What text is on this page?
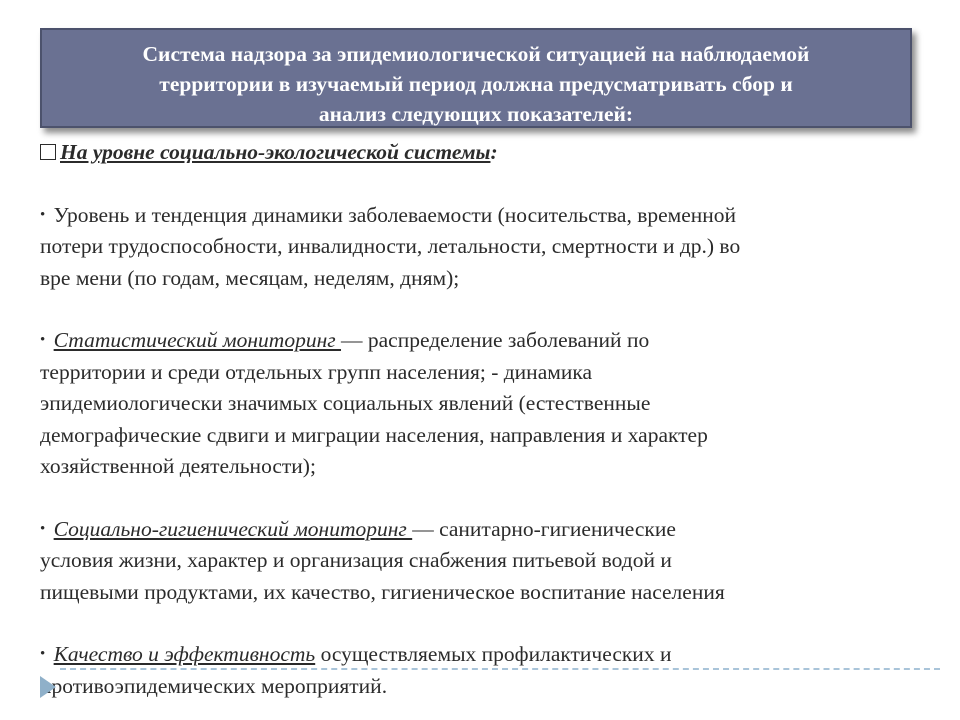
Система надзора за эпидемиологической ситуацией на наблюдаемой
территории в изучаемый период должна предусматривать сбор и
анализ следующих показателей:

На уровне социально-экологической системы:

• Уровень и тенденция динамики заболеваемости (носительства, временной
потери трудоспособности, инвалидности, летальности, смертности и др.) во
вре мени (по годам, месяцам, неделям, дням);

• Статистический мониторинг — распределение заболеваний по
территории и среди отдельных групп населения; - динамика
эпидемиологически значимых социальных явлений (естественные
демографические сдвиги и миграции населения, направления и характер
хозяйственной деятельности);

• Социально-гигиенический мониторинг — санитарно-гигиенические
условия жизни, характер и организация снабжения питьевой водой и
пищевыми продуктами, их качество, гигиеническое воспитание населения

• Качество и эффективность осуществляемых профилактических и
противоэпидемических мероприятий.
